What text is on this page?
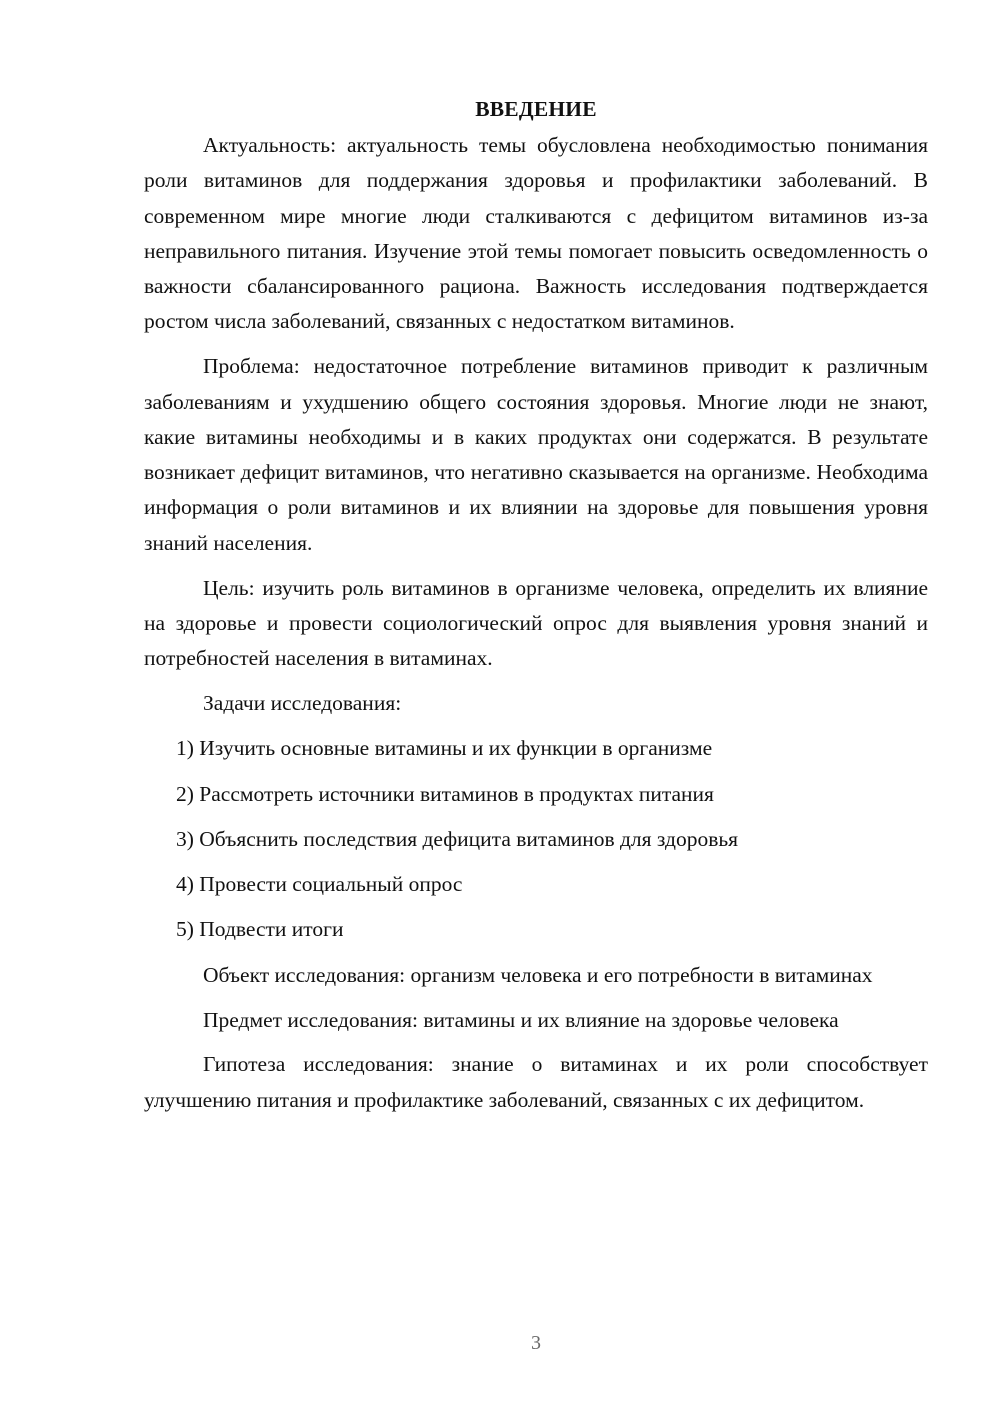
ВВЕДЕНИЕ

Актуальность: актуальность темы обусловлена необходимостью понимания роли витаминов для поддержания здоровья и профилактики заболеваний. В современном мире многие люди сталкиваются с дефицитом витаминов из-за неправильного питания. Изучение этой темы помогает повысить осведомленность о важности сбалансированного рациона. Важность исследования подтверждается ростом числа заболеваний, связанных с недостатком витаминов.

Проблема: недостаточное потребление витаминов приводит к различным заболеваниям и ухудшению общего состояния здоровья. Многие люди не знают, какие витамины необходимы и в каких продуктах они содержатся. В результате возникает дефицит витаминов, что негативно сказывается на организме. Необходима информация о роли витаминов и их влиянии на здоровье для повышения уровня знаний населения.

Цель: изучить роль витаминов в организме человека, определить их влияние на здоровье и провести социологический опрос для выявления уровня знаний и потребностей населения в витаминах.

Задачи исследования:

1) Изучить основные витамины и их функции в организме

2) Рассмотреть источники витаминов в продуктах питания

3) Объяснить последствия дефицита витаминов для здоровья

4) Провести социальный опрос

5) Подвести итоги

Объект исследования: организм человека и его потребности в витаминах

Предмет исследования: витамины и их влияние на здоровье человека

Гипотеза исследования: знание о витаминах и их роли способствует улучшению питания и профилактике заболеваний, связанных с их дефицитом.

3
